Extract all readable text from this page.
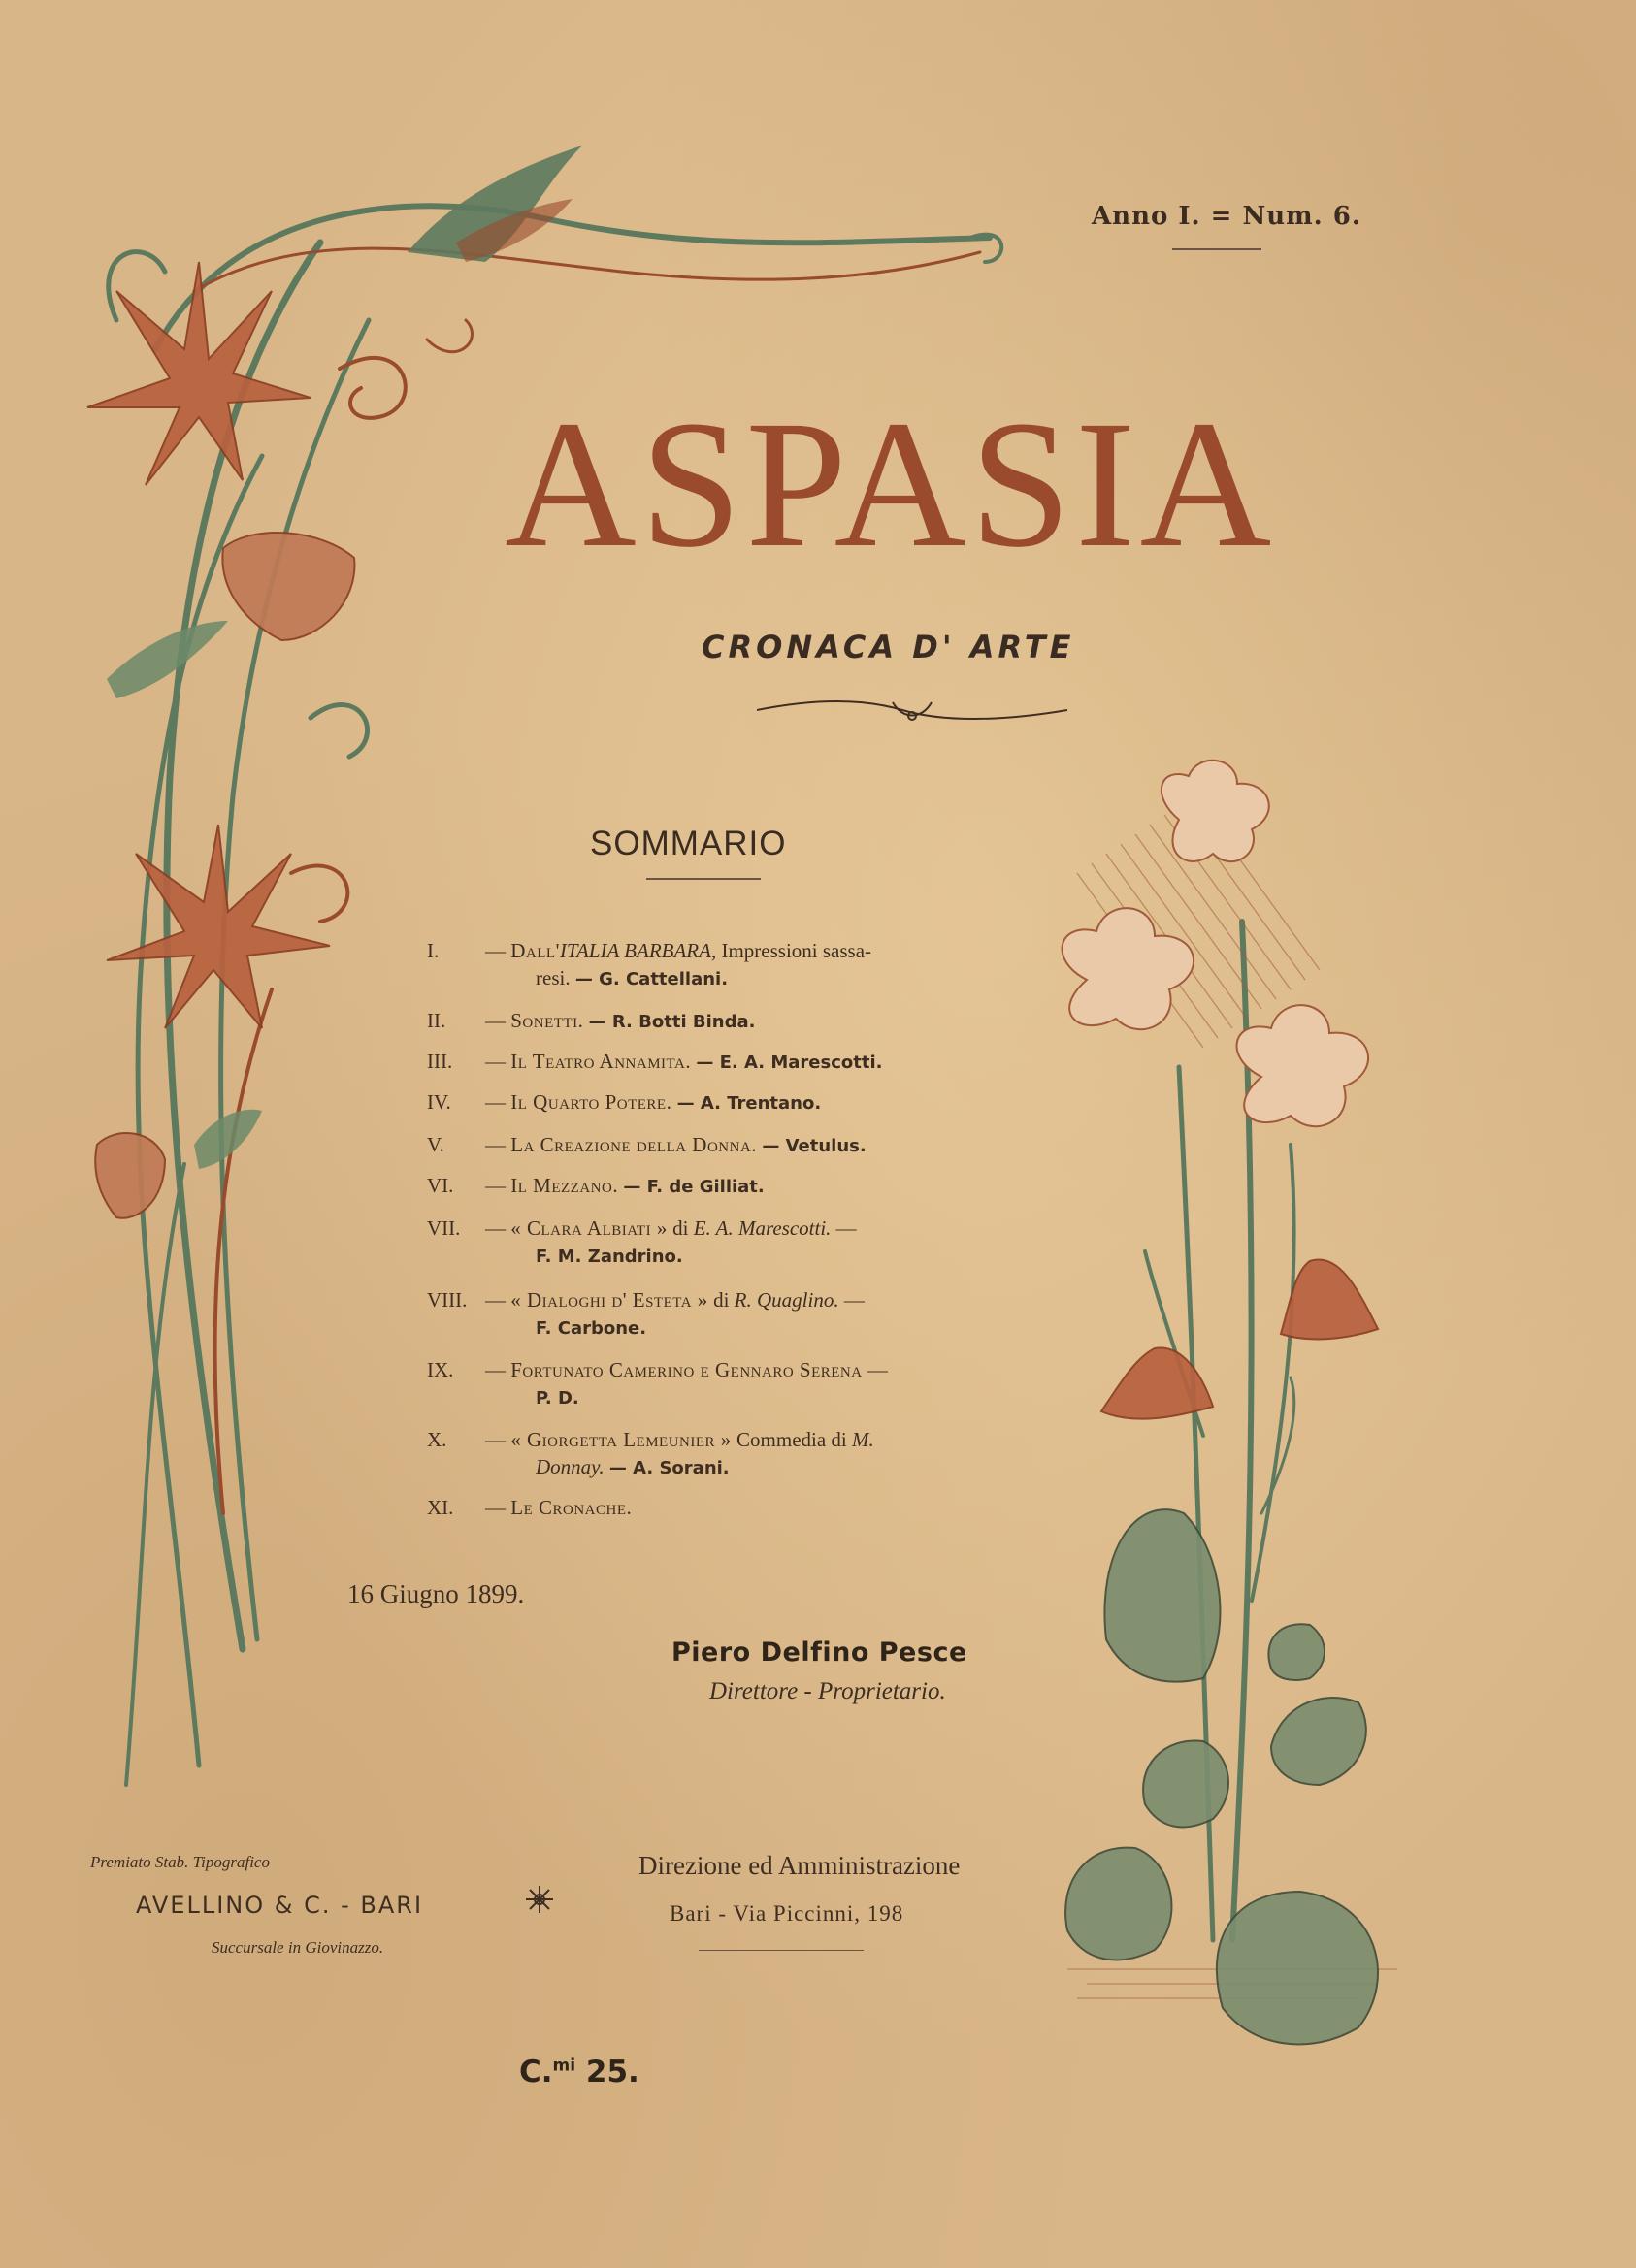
Anno I. = Num. 6.
ASPASIA
CRONACA D' ARTE
SOMMARIO
I.	— Dall'ITALIA BARBARA, Impressioni sassa-
resi. — G. Cattellani.
II.	— Sonetti. — R. Botti Binda.
III.	— Il Teatro Annamita. — E. A. Marescotti.
IV.	— Il Quarto Potere. — A. Trentano.
V.	— La Creazione della Donna. — Vetulus.
VI.	— Il Mezzano. — F. de Gilliat.
VII.	— « Clara Albiati » di E. A. Marescotti. —
F. M. Zandrino.
VIII. — « Dialoghi d' Esteta » di R. Quaglino. —
F. Carbone.
IX.	— Fortunato Camerino e Gennaro Serena —
P. D.
X.	— « Giorgetta Lemeunier » Commedia di M.
Donnay. — A. Sorani.
XI.	— Le Cronache.
16 Giugno 1899.
Piero Delfino Pesce
Direttore - Proprietario.
Premiato Stab. Tipografico
AVELLINO & C. - BARI
Succursale in Giovinazzo.
Direzione ed Amministrazione
Bari - Via Piccinni, 198
C.$^{mi}$ 25.
